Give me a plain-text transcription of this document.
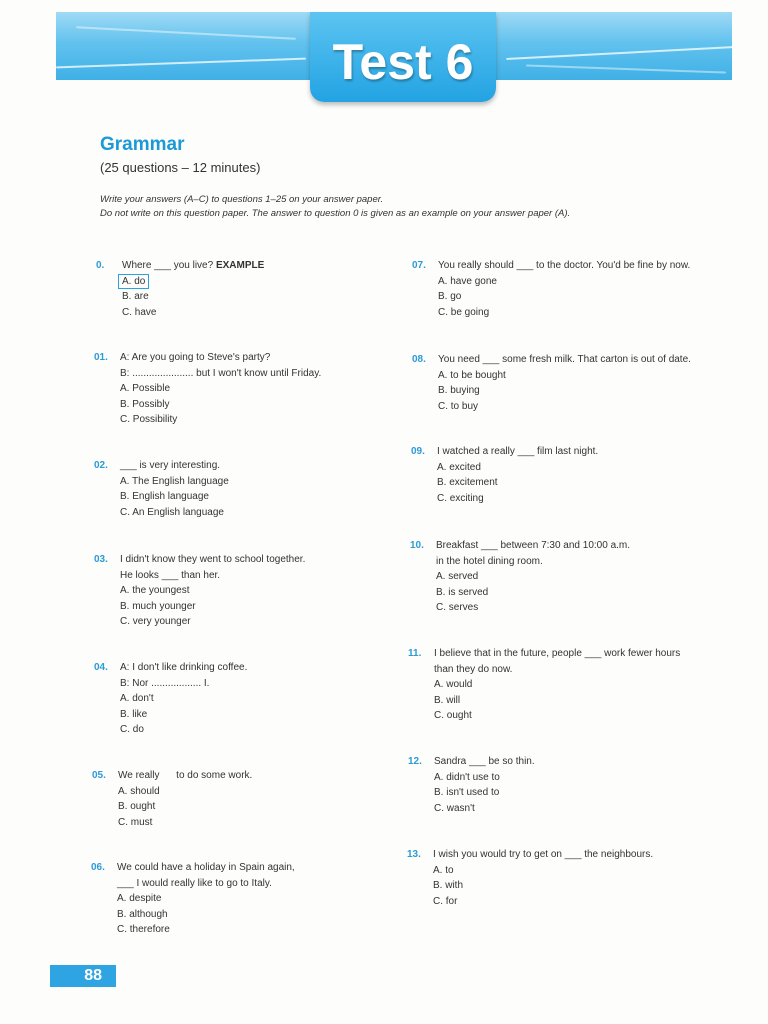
Test 6
Grammar
(25 questions – 12 minutes)
Write your answers (A–C) to questions 1–25 on your answer paper.
Do not write on this question paper. The answer to question 0 is given as an example on your answer paper (A).
0. Where ___ you live? EXAMPLE
A. do
B. are
C. have
01. A: Are you going to Steve's party?
B: ...................... but I won't know until Friday.
A. Possible
B. Possibly
C. Possibility
02. ___ is very interesting.
A. The English language
B. English language
C. An English language
03. I didn't know they went to school together.
He looks ___ than her.
A. the youngest
B. much younger
C. very younger
04. A: I don't like drinking coffee.
B: Nor .................. I.
A. don't
B. like
C. do
05. We really      to do some work.
A. should
B. ought
C. must
06. We could have a holiday in Spain again,
___ I would really like to go to Italy.
A. despite
B. although
C. therefore
07. You really should ___ to the doctor. You'd be fine by now.
A. have gone
B. go
C. be going
08. You need ___ some fresh milk. That carton is out of date.
A. to be bought
B. buying
C. to buy
09. I watched a really ___ film last night.
A. excited
B. excitement
C. exciting
10. Breakfast ___ between 7:30 and 10:00 a.m.
in the hotel dining room.
A. served
B. is served
C. serves
11. I believe that in the future, people ___ work fewer hours
than they do now.
A. would
B. will
C. ought
12. Sandra ___ be so thin.
A. didn't use to
B. isn't used to
C. wasn't
13. I wish you would try to get on ___ the neighbours.
A. to
B. with
C. for
88
